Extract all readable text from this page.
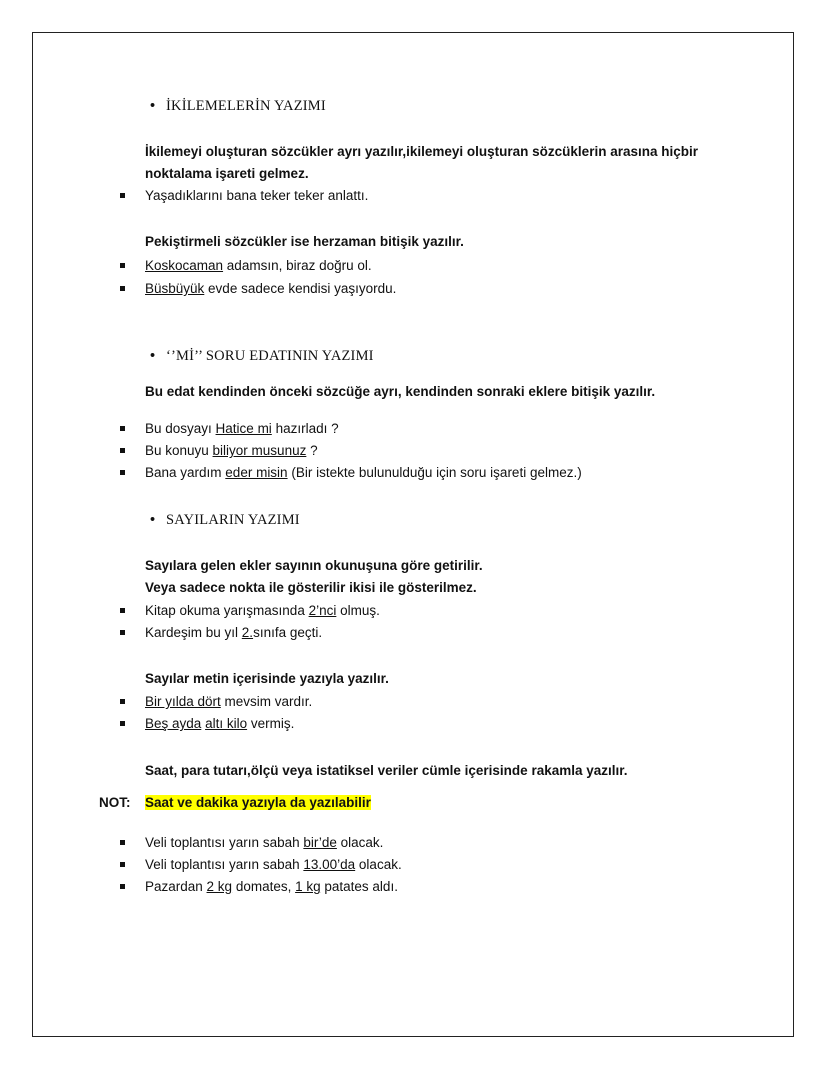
• İKİLEMELERİN YAZIMI
İkilemeyi oluşturan sözcükler ayrı yazılır,ikilemeyi oluşturan sözcüklerin arasına hiçbir
noktalama işareti gelmez.
Yaşadıklarını bana teker teker anlattı.
Pekiştirmeli sözcükler ise herzaman bitişik yazılır.
Koskocaman adamsın, biraz doğru ol.
Büsbüyük evde sadece kendisi yaşıyordu.
• ‘’Mİ’’ SORU EDATININ YAZIMI
Bu edat kendinden önceki sözcüğe ayrı, kendinden sonraki eklere bitişik yazılır.
Bu dosyayı Hatice mi hazırladı ?
Bu konuyu biliyor musunuz ?
Bana yardım eder misin (Bir istekte bulunulduğu için soru işareti gelmez.)
• SAYILARIN YAZIMI
Sayılara gelen ekler sayının okunuşuna göre getirilir.
Veya sadece nokta ile gösterilir ikisi ile gösterilmez.
Kitap okuma yarışmasında 2’nci olmuş.
Kardeşim bu yıl 2.sınıfa geçti.
Sayılar metin içerisinde yazıyla yazılır.
Bir yılda dört mevsim vardır.
Beş ayda altı kilo vermiş.
Saat, para tutarı,ölçü veya istatiksel veriler cümle içerisinde rakamla yazılır.
NOT: Saat ve dakika yazıyla da yazılabilir
Veli toplantısı yarın sabah bir’de olacak.
Veli toplantısı yarın sabah 13.00’da olacak.
Pazardan 2 kg domates, 1 kg patates aldı.
